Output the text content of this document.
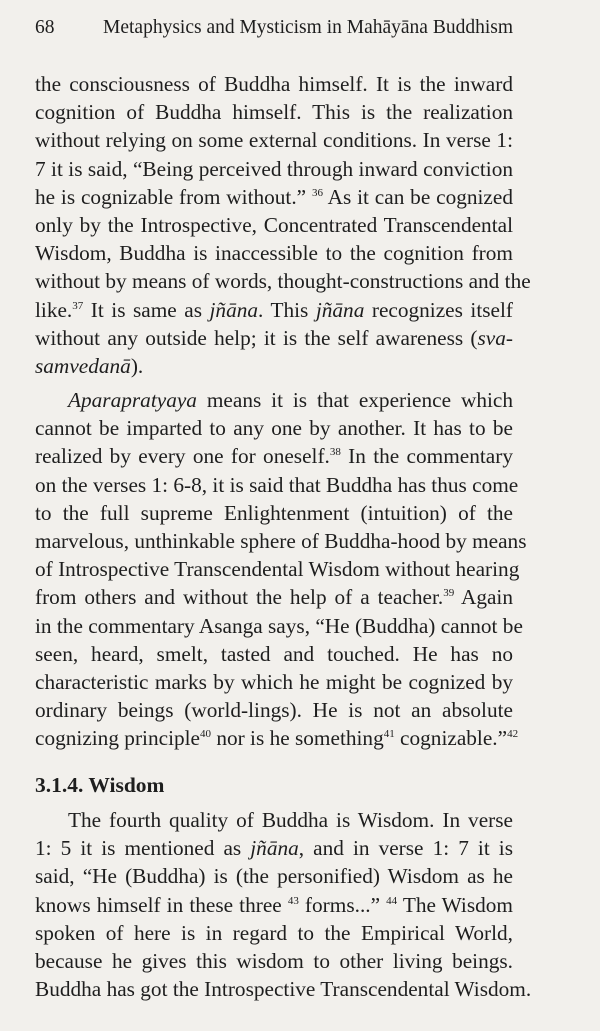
68 Metaphysics and Mysticism in Mahāyāna Buddhism
the consciousness of Buddha himself. It is the inward
cognition of Buddha himself. This is the realization
without relying on some external conditions. In verse 1:
7 it is said, “Being perceived through inward conviction
he is cognizable from without.” $^{36}$ As it can be cognized
only by the Introspective, Concentrated Transcendental
Wisdom, Buddha is inaccessible to the cognition from
without by means of words, thought-constructions and the
like.$^{37}$ It is same as jñāna. This jñāna recognizes itself
without any outside help; it is the self awareness (sva-
samvedanā).
Aparapratyaya means it is that experience which
cannot be imparted to any one by another. It has to be
realized by every one for oneself.$^{38}$ In the commentary
on the verses 1: 6-8, it is said that Buddha has thus come
to the full supreme Enlightenment (intuition) of the
marvelous, unthinkable sphere of Buddha-hood by means
of Introspective Transcendental Wisdom without hearing
from others and without the help of a teacher.$^{39}$ Again
in the commentary Asanga says, “He (Buddha) cannot be
seen, heard, smelt, tasted and touched. He has no
characteristic marks by which he might be cognized by
ordinary beings (world-lings). He is not an absolute
cognizing principle$^{40}$ nor is he something$^{41}$ cognizable.”$^{42}$
3.1.4. Wisdom
The fourth quality of Buddha is Wisdom. In verse
1: 5 it is mentioned as jñāna, and in verse 1: 7 it is
said, “He (Buddha) is (the personified) Wisdom as he
knows himself in these three $^{43}$ forms...” $^{44}$ The Wisdom
spoken of here is in regard to the Empirical World,
because he gives this wisdom to other living beings.
Buddha has got the Introspective Transcendental Wisdom.
